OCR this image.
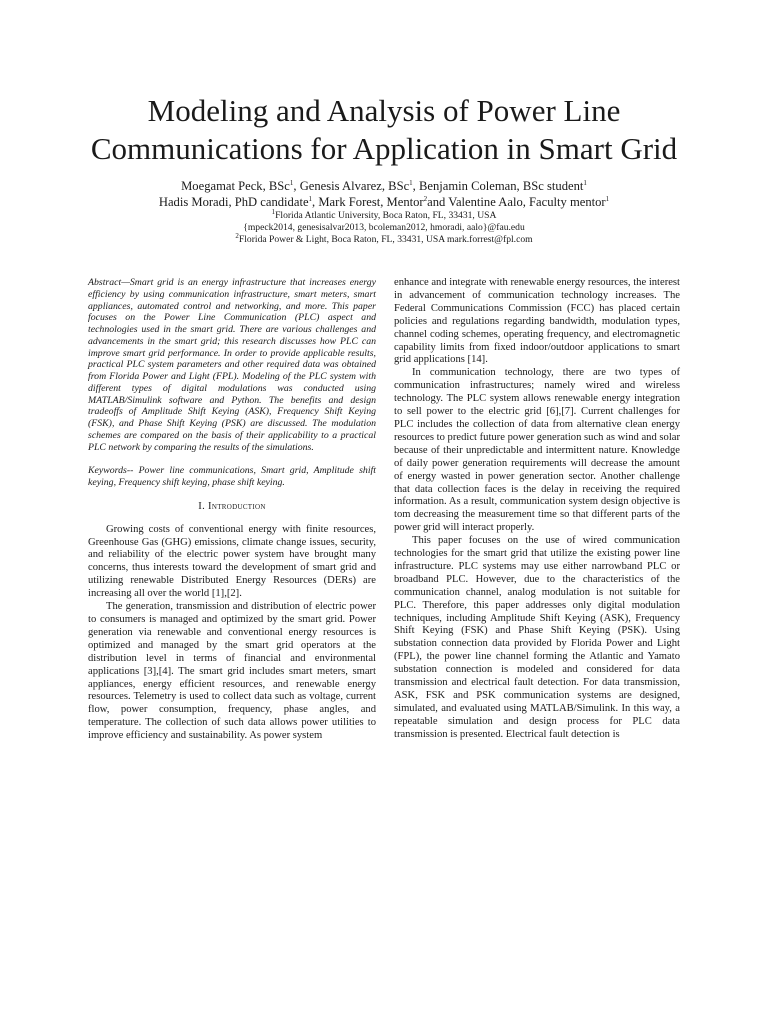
Modeling and Analysis of Power Line
Communications for Application in Smart Grid
Moegamat Peck, BSc$^1$, Genesis Alvarez, BSc$^1$, Benjamin Coleman, BSc student$^1$
Hadis Moradi, PhD candidate$^1$, Mark Forest, Mentor$^2$and Valentine Aalo, Faculty mentor$^1$
$^1$Florida Atlantic University, Boca Raton, FL, 33431, USA
{mpeck2014, genesisalvar2013, bcoleman2012, hmoradi, aalo}@fau.edu
$^2$Florida Power & Light, Boca Raton, FL, 33431, USA mark.forrest@fpl.com

Abstract—Smart grid is an energy infrastructure that increases energy efficiency by using communication infrastructure, smart meters, smart appliances, automated control and networking, and more. This paper focuses on the Power Line Communication (PLC) aspect and technologies used in the smart grid. There are various challenges and advancements in the smart grid; this research discusses how PLC can improve smart grid performance. In order to provide applicable results, practical PLC system parameters and other required data was obtained from Florida Power and Light (FPL). Modeling of the PLC system with different types of digital modulations was conducted using MATLAB/Simulink software and Python. The benefits and design tradeoffs of Amplitude Shift Keying (ASK), Frequency Shift Keying (FSK), and Phase Shift Keying (PSK) are discussed. The modulation schemes are compared on the basis of their applicability to a practical PLC network by comparing the results of the simulations.

Keywords-- Power line communications, Smart grid, Amplitude shift keying, Frequency shift keying, phase shift keying.

I. Introduction

Growing costs of conventional energy with finite resources, Greenhouse Gas (GHG) emissions, climate change issues, security, and reliability of the electric power system have brought many concerns, thus interests toward the development of smart grid and utilizing renewable Distributed Energy Resources (DERs) are increasing all over the world [1],[2].

The generation, transmission and distribution of electric power to consumers is managed and optimized by the smart grid. Power generation via renewable and conventional energy resources is optimized and managed by the smart grid operators at the distribution level in terms of financial and environmental applications [3],[4]. The smart grid includes smart meters, smart appliances, energy efficient resources, and renewable energy resources. Telemetry is used to collect data such as voltage, current flow, power consumption, frequency, phase angles, and temperature. The collection of such data allows power utilities to improve efficiency and sustainability. As power system

enhance and integrate with renewable energy resources, the interest in advancement of communication technology increases. The Federal Communications Commission (FCC) has placed certain policies and regulations regarding bandwidth, modulation types, channel coding schemes, operating frequency, and electromagnetic capability limits from fixed indoor/outdoor applications to smart grid applications [14].

In communication technology, there are two types of communication infrastructures; namely wired and wireless technology. The PLC system allows renewable energy integration to sell power to the electric grid [6],[7]. Current challenges for PLC includes the collection of data from alternative clean energy resources to predict future power generation such as wind and solar because of their unpredictable and intermittent nature. Knowledge of daily power generation requirements will decrease the amount of energy wasted in power generation sector. Another challenge that data collection faces is the delay in receiving the required information. As a result, communication system design objective is tom decreasing the measurement time so that different parts of the power grid will interact properly.

This paper focuses on the use of wired communication technologies for the smart grid that utilize the existing power line infrastructure. PLC systems may use either narrowband PLC or broadband PLC. However, due to the characteristics of the communication channel, analog modulation is not suitable for PLC. Therefore, this paper addresses only digital modulation techniques, including Amplitude Shift Keying (ASK), Frequency Shift Keying (FSK) and Phase Shift Keying (PSK). Using substation connection data provided by Florida Power and Light (FPL), the power line channel forming the Atlantic and Yamato substation connection is modeled and considered for data transmission and electrical fault detection. For data transmission, ASK, FSK and PSK communication systems are designed, simulated, and evaluated using MATLAB/Simulink. In this way, a repeatable simulation and design process for PLC data transmission is presented. Electrical fault detection is
